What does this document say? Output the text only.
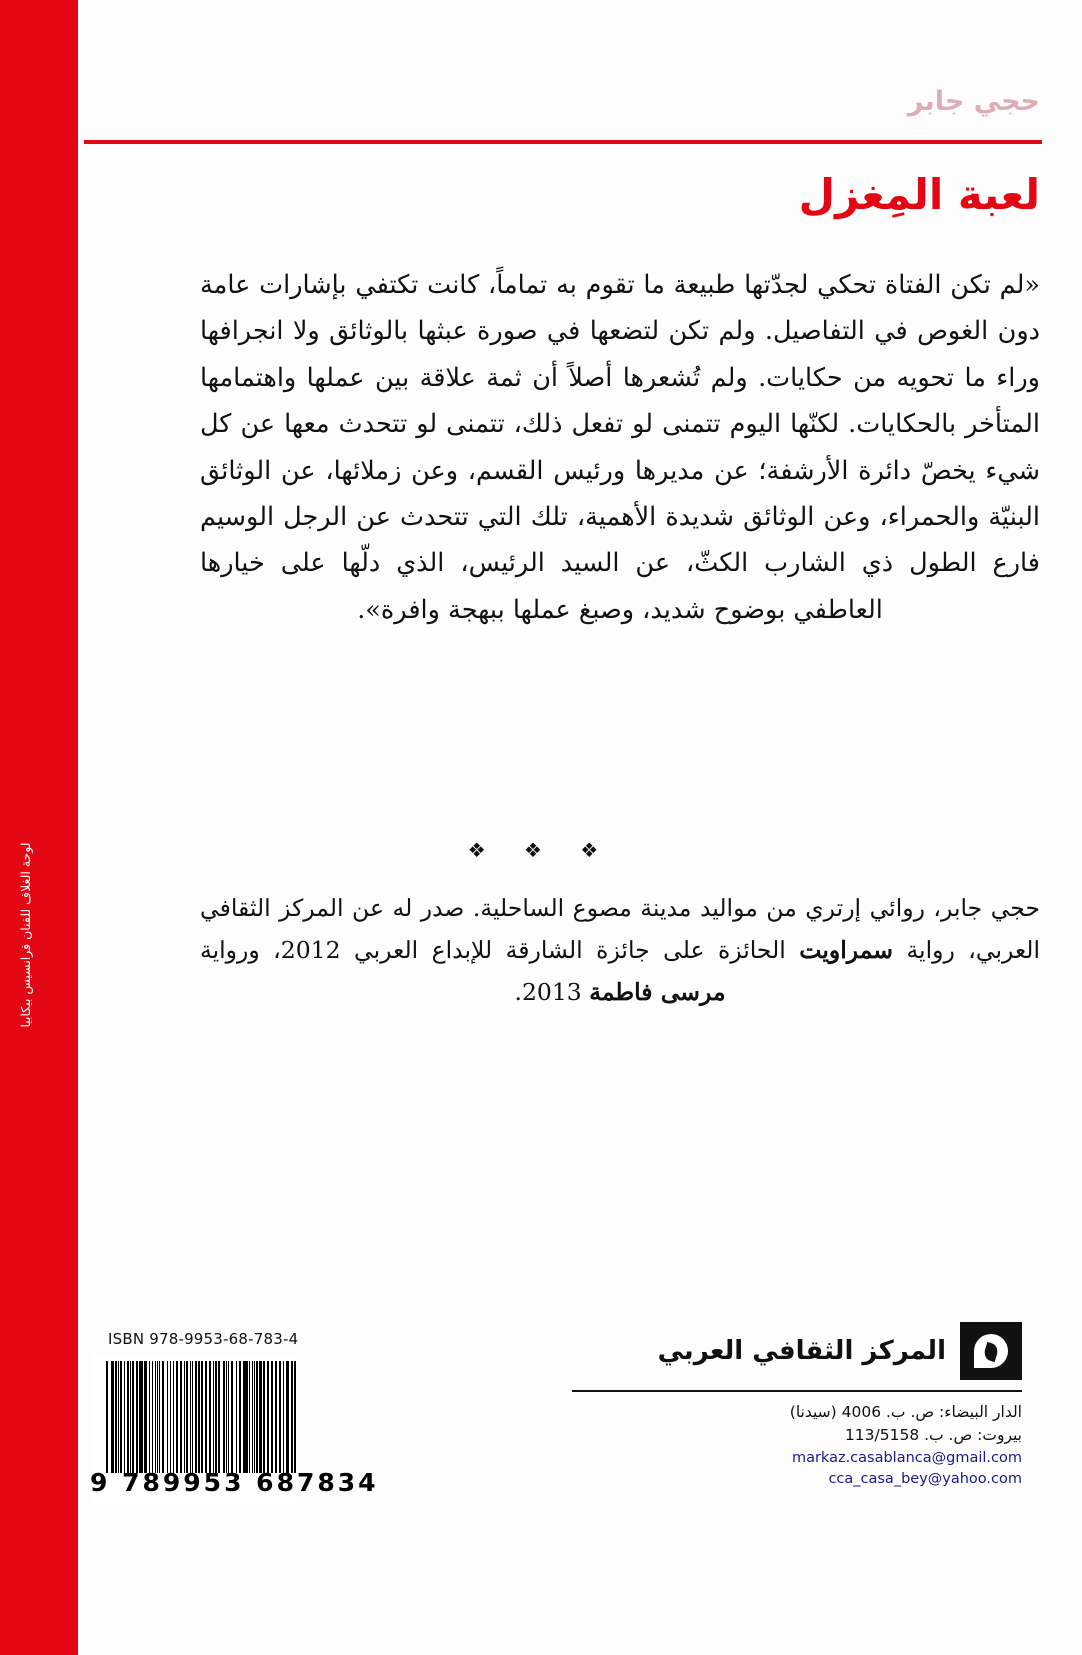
لوحة الغلاف للفنان فرانسيس بيكابيا
حجي جابر
لعبة المِغزل
«لم تكن الفتاة تحكي لجدّتها طبيعة ما تقوم به تماماً، كانت تكتفي بإشارات عامة دون الغوص في التفاصيل. ولم تكن لتضعها في صورة عبثها بالوثائق ولا انجرافها وراء ما تحويه من حكايات. ولم تُشعرها أصلاً أن ثمة علاقة بين عملها واهتمامها المتأخر بالحكايات. لكنّها اليوم تتمنى لو تفعل ذلك، تتمنى لو تتحدث معها عن كل شيء يخصّ دائرة الأرشفة؛ عن مديرها ورئيس القسم، وعن زملائها، عن الوثائق البنيّة والحمراء، وعن الوثائق شديدة الأهمية، تلك التي تتحدث عن الرجل الوسيم فارع الطول ذي الشارب الكثّ، عن السيد الرئيس، الذي دلّها على خيارها العاطفي بوضوح شديد، وصبغ عملها ببهجة وافرة».
❖ ❖ ❖
حجي جابر، روائي إرتري من مواليد مدينة مصوع الساحلية. صدر له عن المركز الثقافي العربي، رواية سمراويت الحائزة على جائزة الشارقة للإبداع العربي 2012، ورواية مرسى فاطمة 2013.
ISBN 978-9953-68-783-4
9 789953 687834
المركز الثقافي العربي
الدار البيضاء: ص. ب. 4006 (سيدنا)
بيروت: ص. ب. 113/5158
markaz.casablanca@gmail.com
cca_casa_bey@yahoo.com
